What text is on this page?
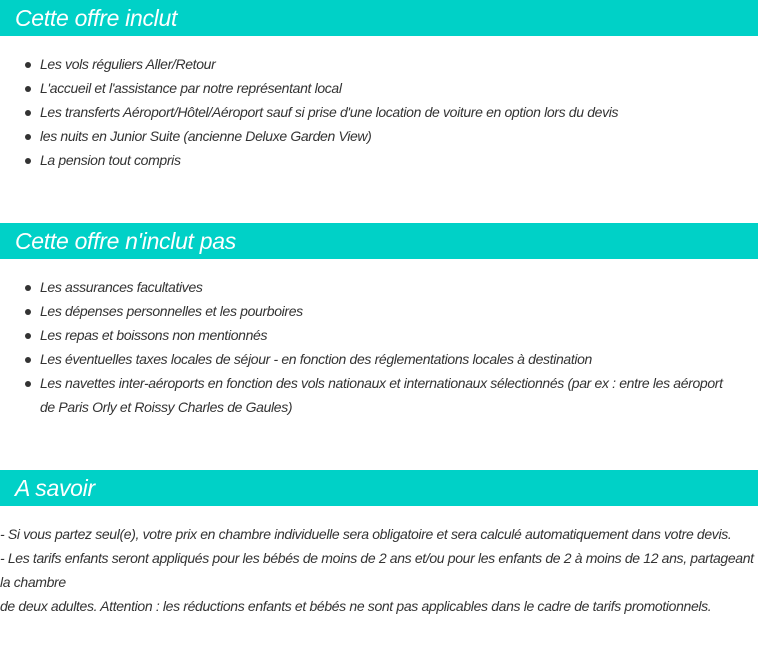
Cette offre inclut
Les vols réguliers Aller/Retour
L'accueil et l'assistance par notre représentant local
Les transferts Aéroport/Hôtel/Aéroport sauf si prise d'une location de voiture en option lors du devis
les nuits en Junior Suite (ancienne Deluxe Garden View)
La pension tout compris
Cette offre n'inclut pas
Les assurances facultatives
Les dépenses personnelles et les pourboires
Les repas et boissons non mentionnés
Les éventuelles taxes locales de séjour - en fonction des réglementations locales à destination
Les navettes inter-aéroports en fonction des vols nationaux et internationaux sélectionnés (par ex : entre les aéroport de Paris Orly et Roissy Charles de Gaules)
A savoir

- Si vous partez seul(e), votre prix en chambre individuelle sera obligatoire et sera calculé automatiquement dans votre devis.

- Les tarifs enfants seront appliqués pour les bébés de moins de 2 ans et/ou pour les enfants de 2 à moins de 12 ans, partageant la chambre

de deux adultes. Attention : les réductions enfants et bébés ne sont pas applicables dans le cadre de tarifs promotionnels.
